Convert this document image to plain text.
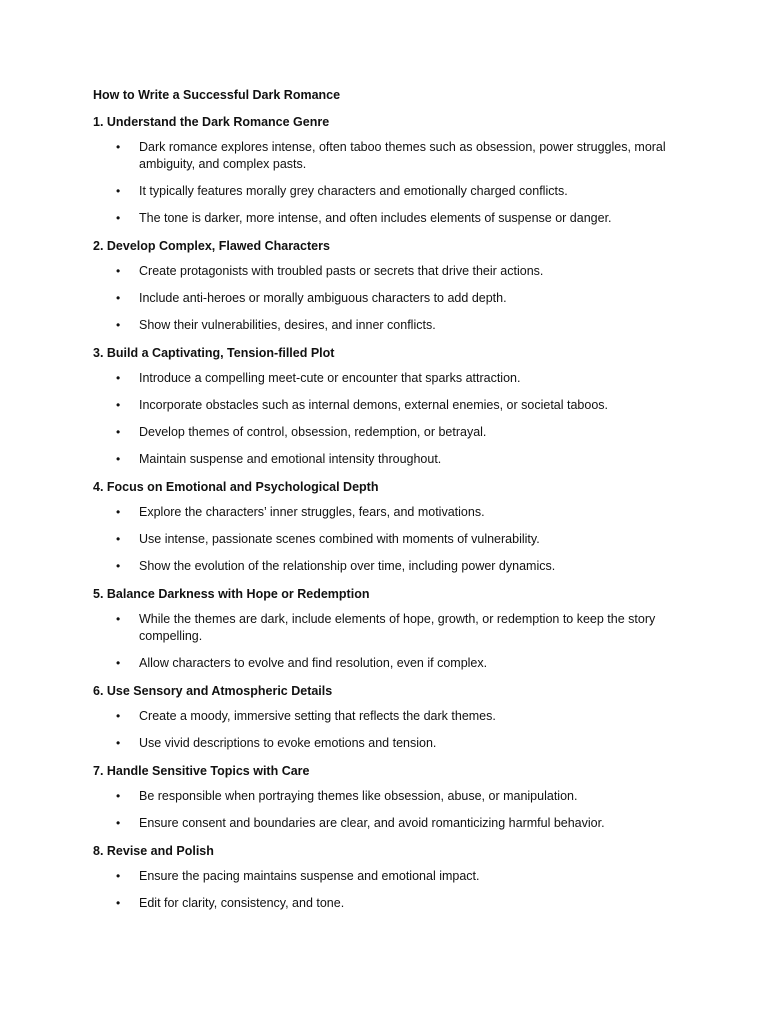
How to Write a Successful Dark Romance
1. Understand the Dark Romance Genre
• Dark romance explores intense, often taboo themes such as obsession, power struggles, moral ambiguity, and complex pasts.
• It typically features morally grey characters and emotionally charged conflicts.
• The tone is darker, more intense, and often includes elements of suspense or danger.
2. Develop Complex, Flawed Characters
• Create protagonists with troubled pasts or secrets that drive their actions.
• Include anti-heroes or morally ambiguous characters to add depth.
• Show their vulnerabilities, desires, and inner conflicts.
3. Build a Captivating, Tension-filled Plot
• Introduce a compelling meet-cute or encounter that sparks attraction.
• Incorporate obstacles such as internal demons, external enemies, or societal taboos.
• Develop themes of control, obsession, redemption, or betrayal.
• Maintain suspense and emotional intensity throughout.
4. Focus on Emotional and Psychological Depth
• Explore the characters’ inner struggles, fears, and motivations.
• Use intense, passionate scenes combined with moments of vulnerability.
• Show the evolution of the relationship over time, including power dynamics.
5. Balance Darkness with Hope or Redemption
• While the themes are dark, include elements of hope, growth, or redemption to keep the story compelling.
• Allow characters to evolve and find resolution, even if complex.
6. Use Sensory and Atmospheric Details
• Create a moody, immersive setting that reflects the dark themes.
• Use vivid descriptions to evoke emotions and tension.
7. Handle Sensitive Topics with Care
• Be responsible when portraying themes like obsession, abuse, or manipulation.
• Ensure consent and boundaries are clear, and avoid romanticizing harmful behavior.
8. Revise and Polish
• Ensure the pacing maintains suspense and emotional impact.
• Edit for clarity, consistency, and tone.
